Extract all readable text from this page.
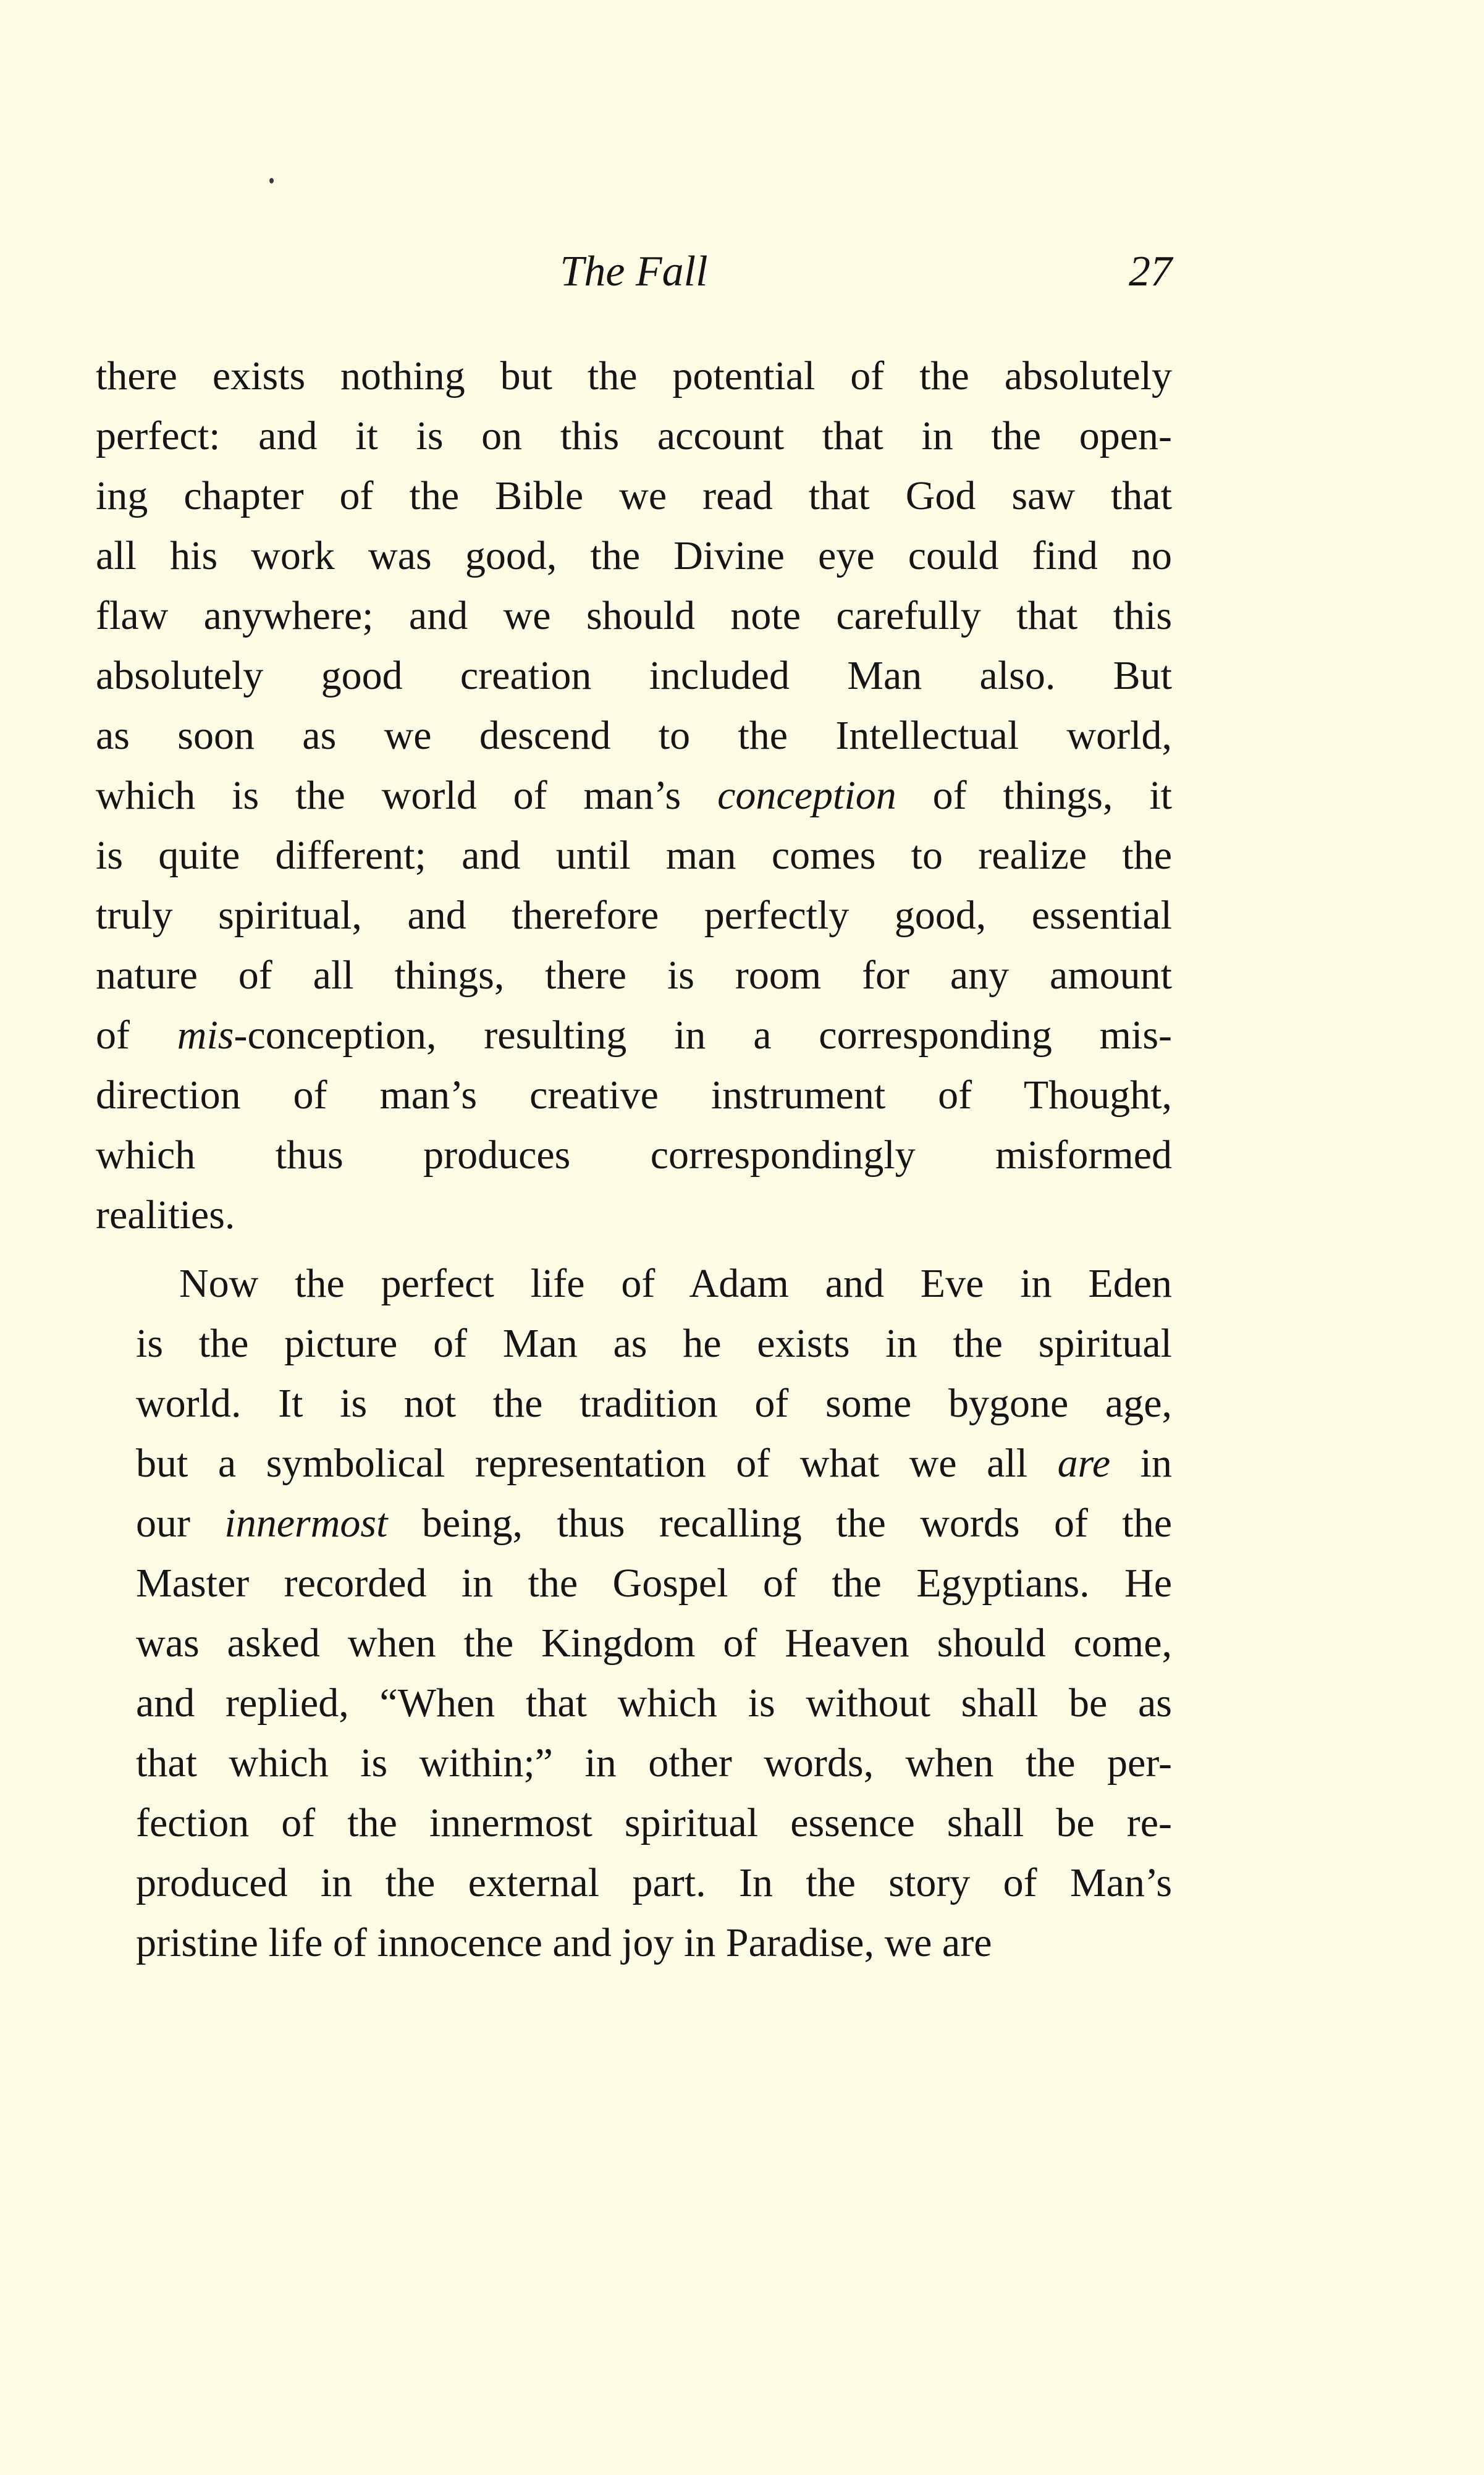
The Fall	27
there exists nothing but the potential of the absolutely
perfect: and it is on this account that in the open-
ing chapter of the Bible we read that God saw that
all his work was good, the Divine eye could find no
flaw anywhere; and we should note carefully that this
absolutely good creation included Man also. But
as soon as we descend to the Intellectual world,
which is the world of man’s conception of things, it
is quite different; and until man comes to realize the
truly spiritual, and therefore perfectly good, essential
nature of all things, there is room for any amount
of mis-conception, resulting in a corresponding mis-
direction of man’s creative instrument of Thought,
which thus produces correspondingly misformed
realities.
Now the perfect life of Adam and Eve in Eden
is the picture of Man as he exists in the spiritual
world. It is not the tradition of some bygone age,
but a symbolical representation of what we all are in
our innermost being, thus recalling the words of the
Master recorded in the Gospel of the Egyptians. He
was asked when the Kingdom of Heaven should come,
and replied, “When that which is without shall be as
that which is within;” in other words, when the per-
fection of the innermost spiritual essence shall be re-
produced in the external part. In the story of Man’s
pristine life of innocence and joy in Paradise, we are
